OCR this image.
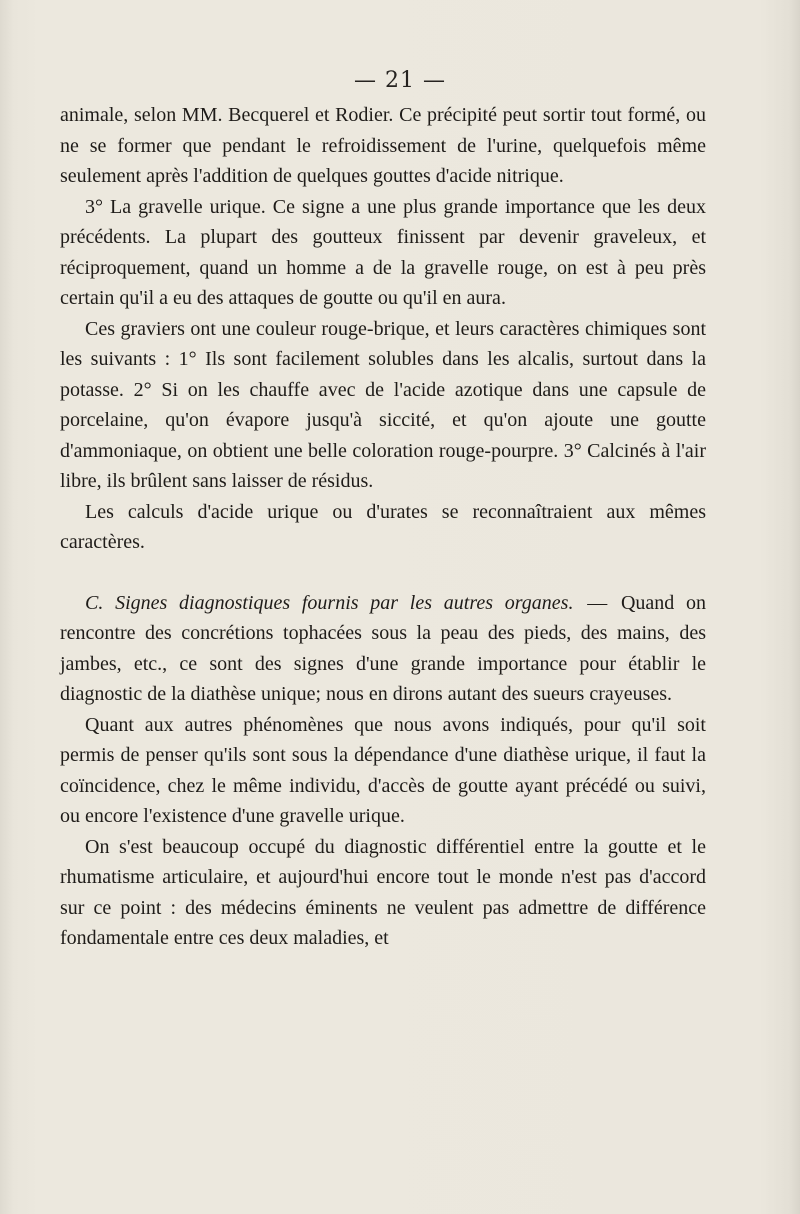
— 21 —

animale, selon MM. Becquerel et Rodier. Ce précipité peut sortir tout formé, ou ne se former que pendant le refroidissement de l'urine, quelquefois même seulement après l'addition de quelques gouttes d'acide nitrique.

3° La gravelle urique. Ce signe a une plus grande importance que les deux précédents. La plupart des goutteux finissent par devenir graveleux, et réciproquement, quand un homme a de la gravelle rouge, on est à peu près certain qu'il a eu des attaques de goutte ou qu'il en aura.

Ces graviers ont une couleur rouge-brique, et leurs caractères chimiques sont les suivants : 1° Ils sont facilement solubles dans les alcalis, surtout dans la potasse. 2° Si on les chauffe avec de l'acide azotique dans une capsule de porcelaine, qu'on évapore jusqu'à siccité, et qu'on ajoute une goutte d'ammoniaque, on obtient une belle coloration rouge-pourpre. 3° Calcinés à l'air libre, ils brûlent sans laisser de résidus.

Les calculs d'acide urique ou d'urates se reconnaîtraient aux mêmes caractères.

C. Signes diagnostiques fournis par les autres organes. — Quand on rencontre des concrétions tophacées sous la peau des pieds, des mains, des jambes, etc., ce sont des signes d'une grande importance pour établir le diagnostic de la diathèse unique; nous en dirons autant des sueurs crayeuses.

Quant aux autres phénomènes que nous avons indiqués, pour qu'il soit permis de penser qu'ils sont sous la dépendance d'une diathèse urique, il faut la coïncidence, chez le même individu, d'accès de goutte ayant précédé ou suivi, ou encore l'existence d'une gravelle urique.

On s'est beaucoup occupé du diagnostic différentiel entre la goutte et le rhumatisme articulaire, et aujourd'hui encore tout le monde n'est pas d'accord sur ce point : des médecins éminents ne veulent pas admettre de différence fondamentale entre ces deux maladies, et
